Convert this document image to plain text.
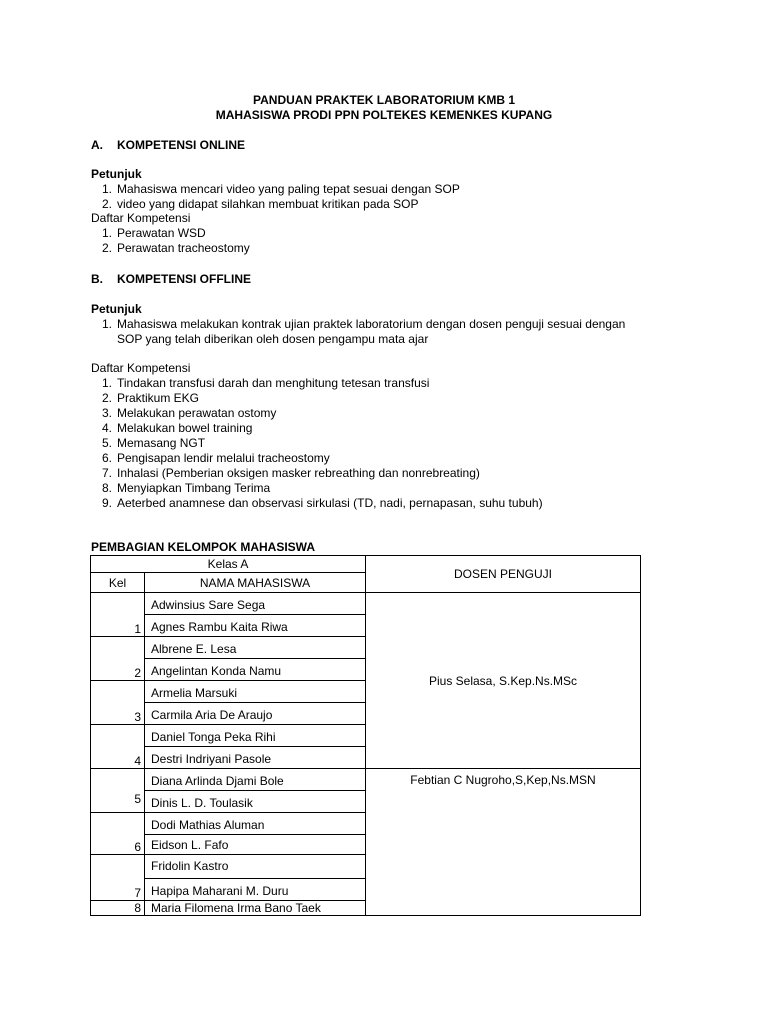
PANDUAN PRAKTEK LABORATORIUM KMB 1
MAHASISWA PRODI PPN POLTEKES KEMENKES KUPANG
A. KOMPETENSI ONLINE
Petunjuk
1. Mahasiswa mencari video yang paling tepat sesuai dengan SOP
2. video yang didapat silahkan membuat kritikan pada SOP
Daftar Kompetensi
1. Perawatan WSD
2. Perawatan tracheostomy
B. KOMPETENSI OFFLINE
Petunjuk
1. Mahasiswa melakukan kontrak ujian praktek laboratorium dengan dosen penguji sesuai dengan
SOP yang telah diberikan oleh dosen pengampu mata ajar
Daftar Kompetensi
1. Tindakan transfusi darah dan menghitung tetesan transfusi
2. Praktikum EKG
3. Melakukan perawatan ostomy
4. Melakukan bowel training
5. Memasang NGT
6. Pengisapan lendir melalui tracheostomy
7. Inhalasi (Pemberian oksigen masker rebreathing dan nonrebreating)
8. Menyiapkan Timbang Terima
9. Aeterbed anamnese dan observasi sirkulasi (TD, nadi, pernapasan, suhu tubuh)
PEMBAGIAN KELOMPOK MAHASISWA
Kelas A		DOSEN PENGUJI
Kel	NAMA MAHASISWA	
1	Adwinsius Sare Sega	Pius Selasa, S.Kep.Ns.MSc
	Agnes Rambu Kaita Riwa	
2	Albrene E. Lesa	
	Angelintan Konda Namu	
3	Armelia Marsuki	
	Carmila Aria De Araujo	
4	Daniel Tonga Peka Rihi	
	Destri Indriyani Pasole	
5	Diana Arlinda Djami Bole	Febtian C Nugroho,S,Kep,Ns.MSN
	Dinis L. D. Toulasik	
6	Dodi Mathias Aluman	
	Eidson L. Fafo	
7	Fridolin Kastro	
	Hapipa Maharani M. Duru	
8	Maria Filomena Irma Bano Taek	
